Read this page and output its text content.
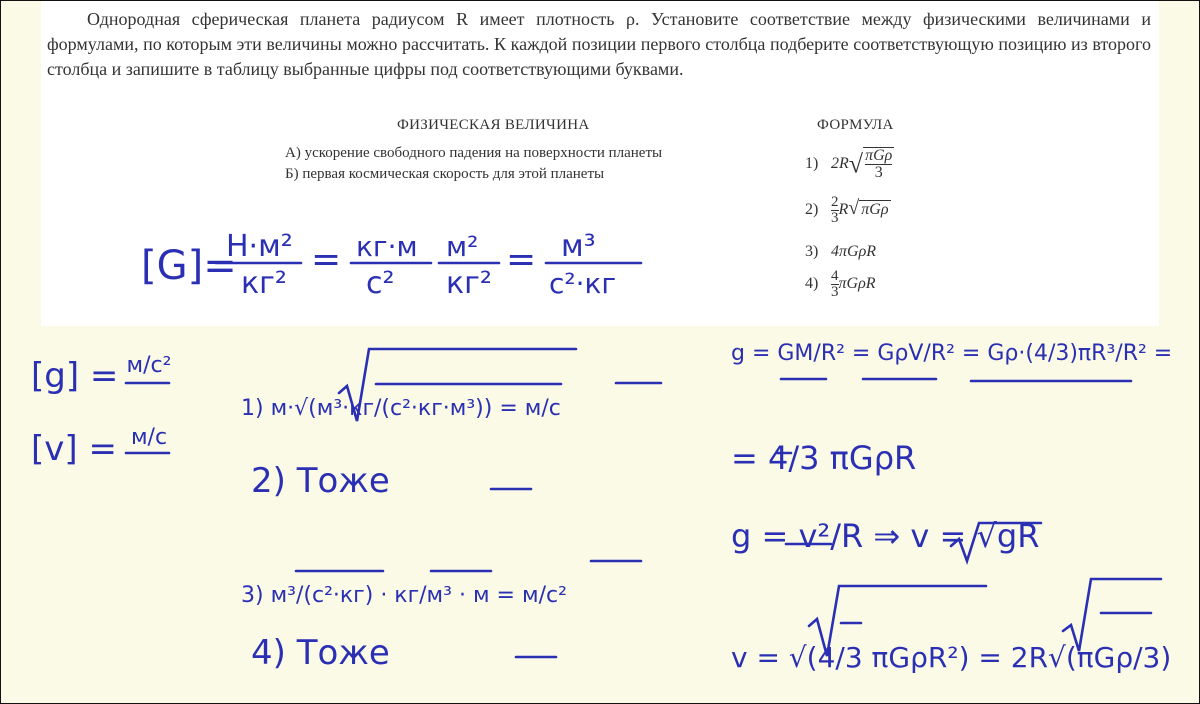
Однородная сферическая планета радиусом R имеет плотность ρ. Установите соответствие между физическими величинами и формулами, по которым эти величины можно рассчитать. К каждой позиции первого столбца подберите соответствующую позицию из второго столбца и запишите в таблицу выбранные цифры под соответствующими буквами.

ФИЗИЧЕСКАЯ ВЕЛИЧИНА	ФОРМУЛА
А) ускорение свободного падения на поверхности планеты
Б) первая космическая скорость для этой планеты
1) $2R√ \frac{\text{πGρ}}{3}$
$2) \frac{2}{3} R√$ πGρ
3) 4πGρR
$4) \frac{4}{3}$ πGρR
[G]=
H·м²
кг²
= кг·м
с²
м²
кг²
= м³
с²·кг
[g] = м/с²
[v] = м/с
1) м·√(м³·кг/(с²·кг·м³)) = м/с
2) Тоже
3) м³/(с²·кг) · кг/м³ · м = м/с²
4) Тоже
g = GM/R² = GρV/R² = Gρ·(4/3)πR³/R² =
= 4/3 πGρR
g = v²/R ⇒ v = √gR
v = √(4/3 πGρR²) = 2R√(πGρ/3)
